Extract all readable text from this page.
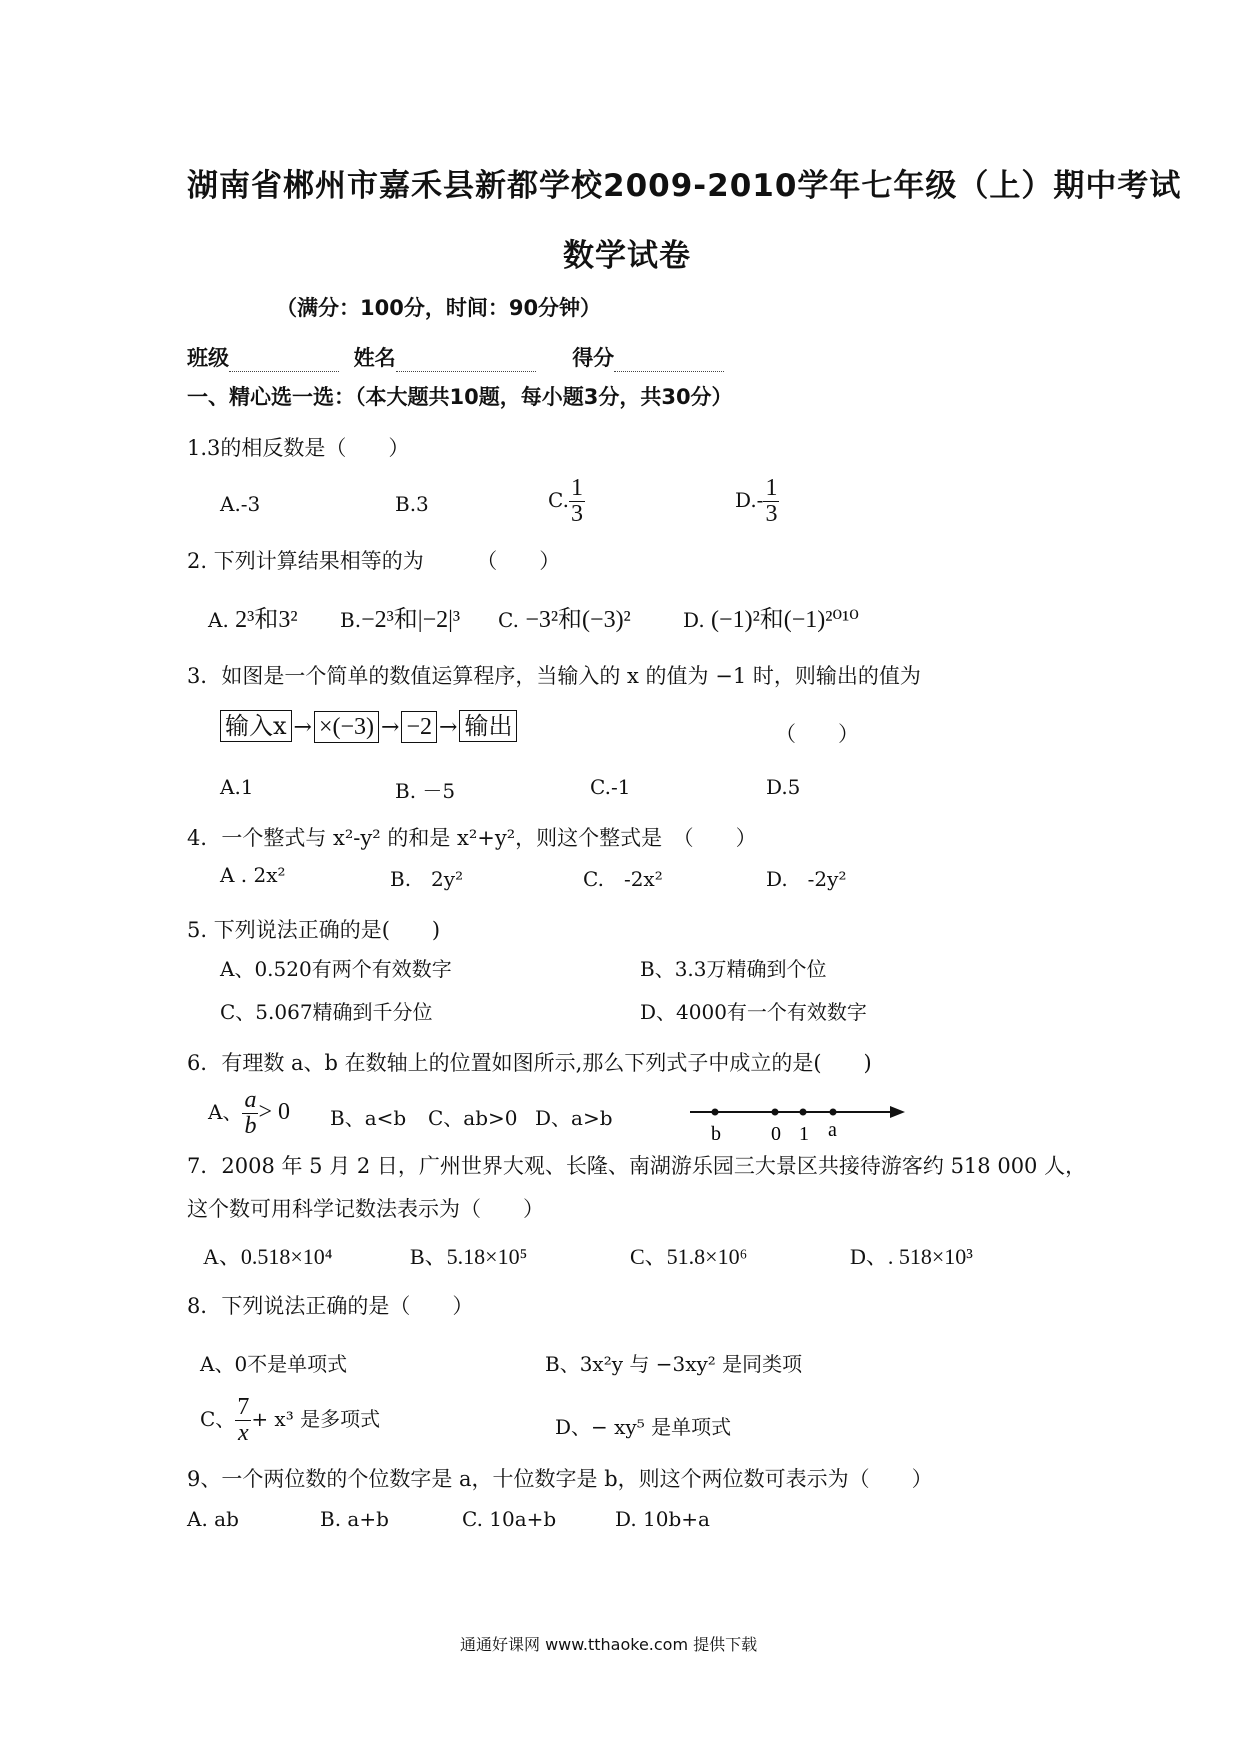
湖南省郴州市嘉禾县新都学校2009-2010学年七年级（上）期中考试
数学试卷
（满分：100分，时间：90分钟）
班级	姓名	得分
一、精心选一选：（本大题共10题，每小题3分，共30分）
1.3的相反数是（　　）
A.-3	B.3	C. $\frac{1}{3}$	$D.- \frac{1}{3}$
2. 下列计算结果相等的为　　　（　　）
A. 2³和3² B.−2³和|−2|³ C. −3²和(−3)²	D. (−1)²和(−1)²⁰¹⁰
3．如图是一个简单的数值运算程序，当输入的 x 的值为 −1 时，则输出的值为
输入x → ×(−3) → −2 → 输出	（　　）
A.1	B. －5	C.-1	D.5
4．一个整式与 x²-y² 的和是 x²+y²，则这个整式是　（　　）
A . 2x²	B.　2y²	C.　-2x²	D.　-2y²
5. 下列说法正确的是(　　)
A、0.520有两个有效数字	B、3.3万精确到个位
C、5.067精确到千分位	D、4000有一个有效数字
6．有理数 a、b 在数轴上的位置如图所示,那么下列式子中成立的是(　　)
A、 $\frac{a}{b} > 0$ B、a<b C、ab>0 D、a>b
b	0 1 a
7．2008 年 5 月 2 日，广州世界大观、长隆、南湖游乐园三大景区共接待游客约 518 000 人，
这个数可用科学记数法表示为（　　）
A、0.518×10⁴	B、5.18×10⁵	C、51.8×10⁶	D、. 518×10³
8．下列说法正确的是（　　）
A、0不是单项式	B、3x²y 与 −3xy² 是同类项
C、 $\frac{7}{x} + x^3$ 是多项式	D、− xy⁵ 是单项式
9、一个两位数的个位数字是 a，十位数字是 b，则这个两位数可表示为（　　）
A. ab	B. a+b	C. 10a+b	D. 10b+a
通通好课网 www.tthaoke.com 提供下载
